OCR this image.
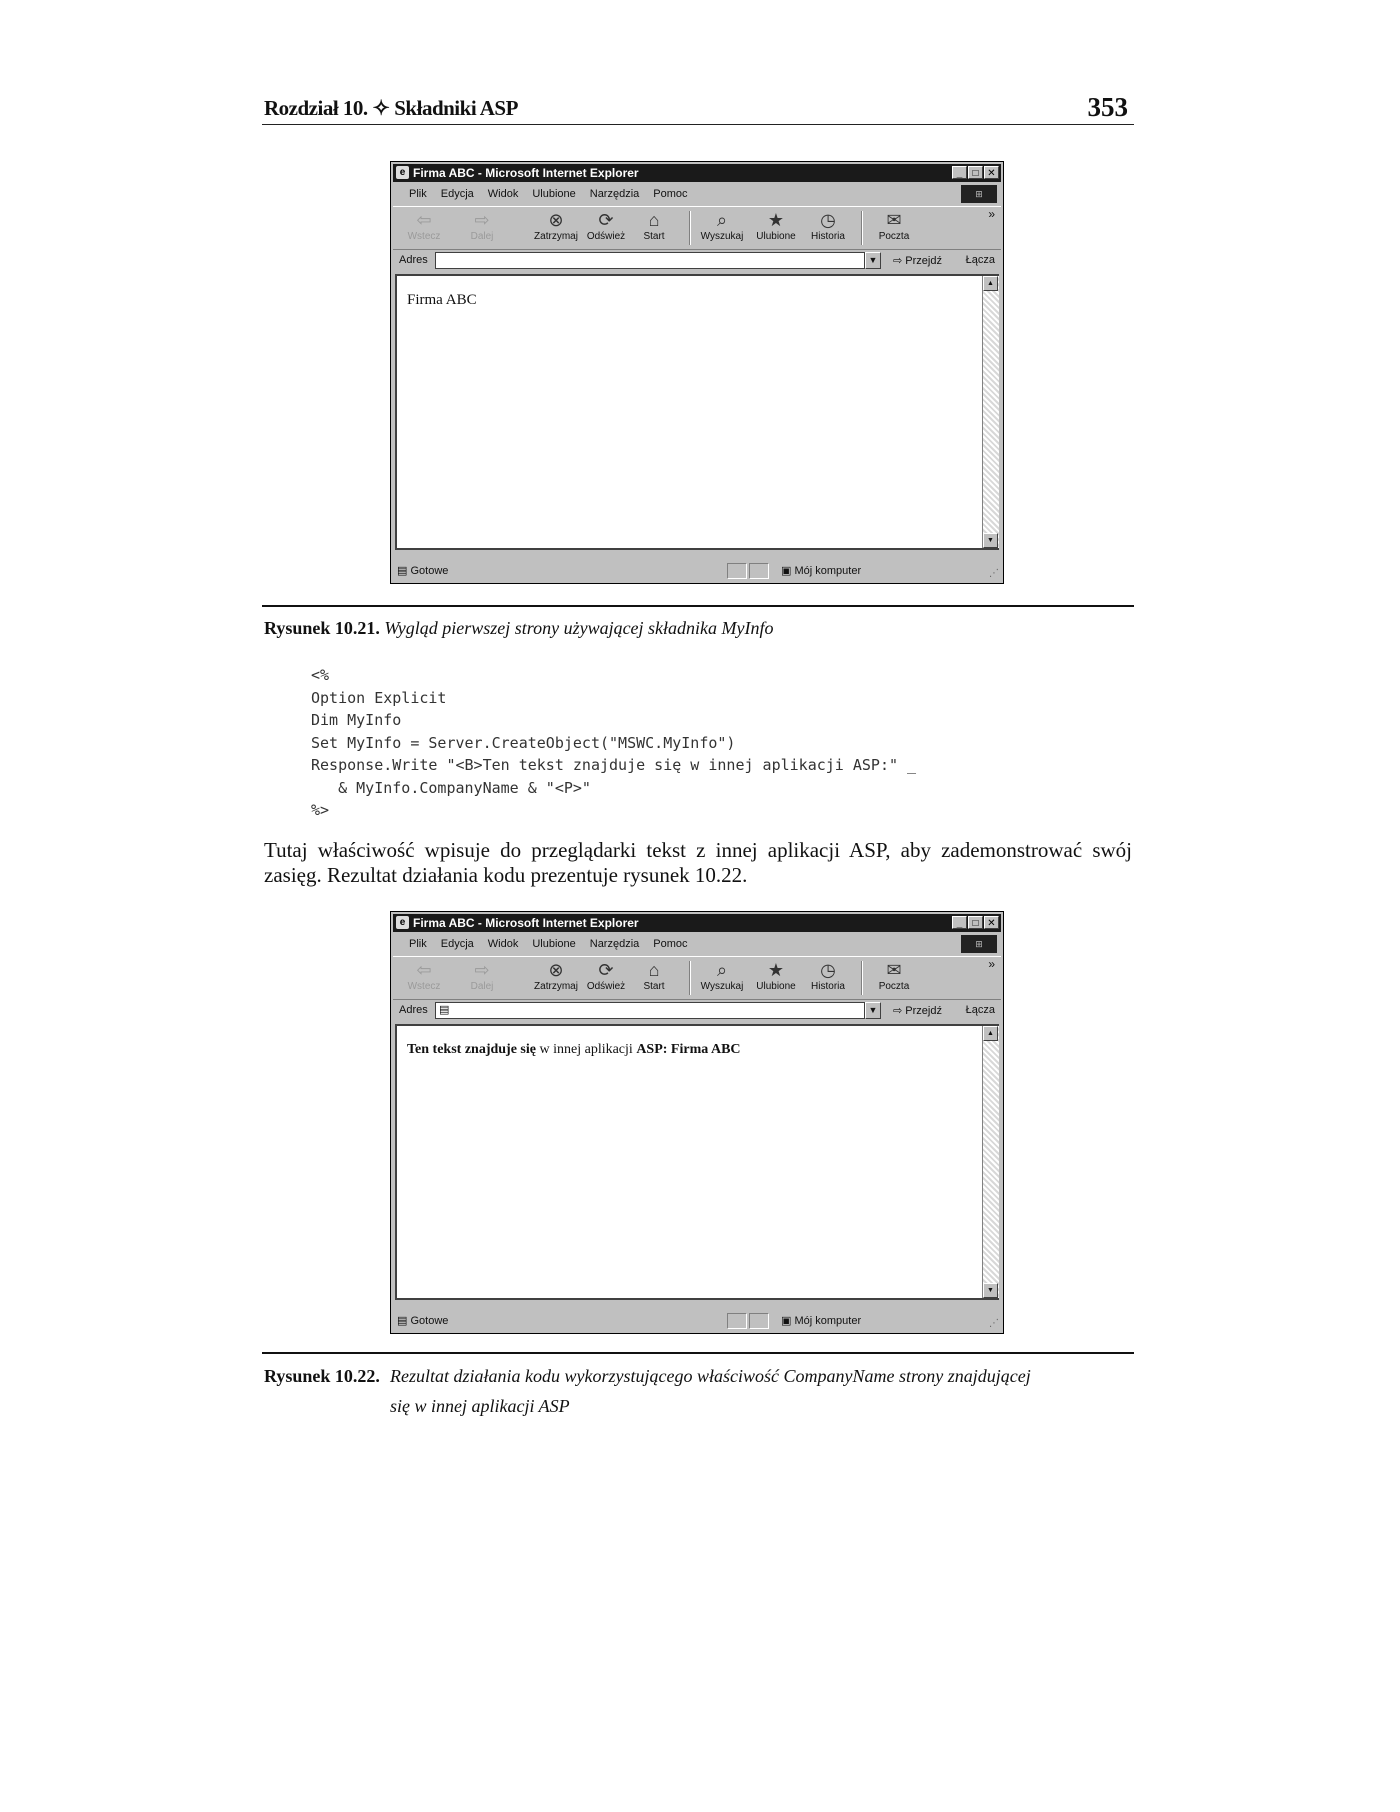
Rozdział 10. ✧ Składniki ASP	353
e Firma ABC - Microsoft Internet Explorer	_	□ ✕
Plik Edycja Widok Ulubione Narzędzia Pomoc	⊞
⇦
Wstecz
⇨
Dalej
⊗
Zatrzymaj
⟳
Odśwież
⌂
Start
⌕
Wyszukaj
★
Ulubione
◷
Historia
✉
Poczta
»
Adres	▼	⇨ Przejdź Łącza
Firma ABC
▲
▼
▤ Gotowe	▣ Mój komputer	⋰
Rysunek 10.21. Wygląd pierwszej strony używającej składnika MyInfo
<%
Option Explicit
Dim MyInfo
Set MyInfo = Server.CreateObject("MSWC.MyInfo")
Response.Write "<B>Ten tekst znajduje się w innej aplikacji ASP:" _
& MyInfo.CompanyName & "<P>"
%>
Tutaj właściwość wpisuje do przeglądarki tekst z innej aplikacji ASP, aby zademonstrować swój zasięg. Rezultat działania kodu prezentuje rysunek 10.22.
e Firma ABC - Microsoft Internet Explorer	_	□ ✕
Plik Edycja Widok Ulubione Narzędzia Pomoc	⊞
⇦
Wstecz
⇨
Dalej
⊗
Zatrzymaj
⟳
Odśwież
⌂
Start
⌕
Wyszukaj
★
Ulubione
◷
Historia
✉
Poczta
»
Adres	▤	▼	⇨ Przejdź Łącza
Ten tekst znajduje się w innej aplikacji ASP: Firma ABC
▲
▼
▤ Gotowe	▣ Mój komputer	⋰
Rysunek 10.22. Rezultat działania kodu wykorzystującego właściwość CompanyName strony znajdującej
się w innej aplikacji ASP
